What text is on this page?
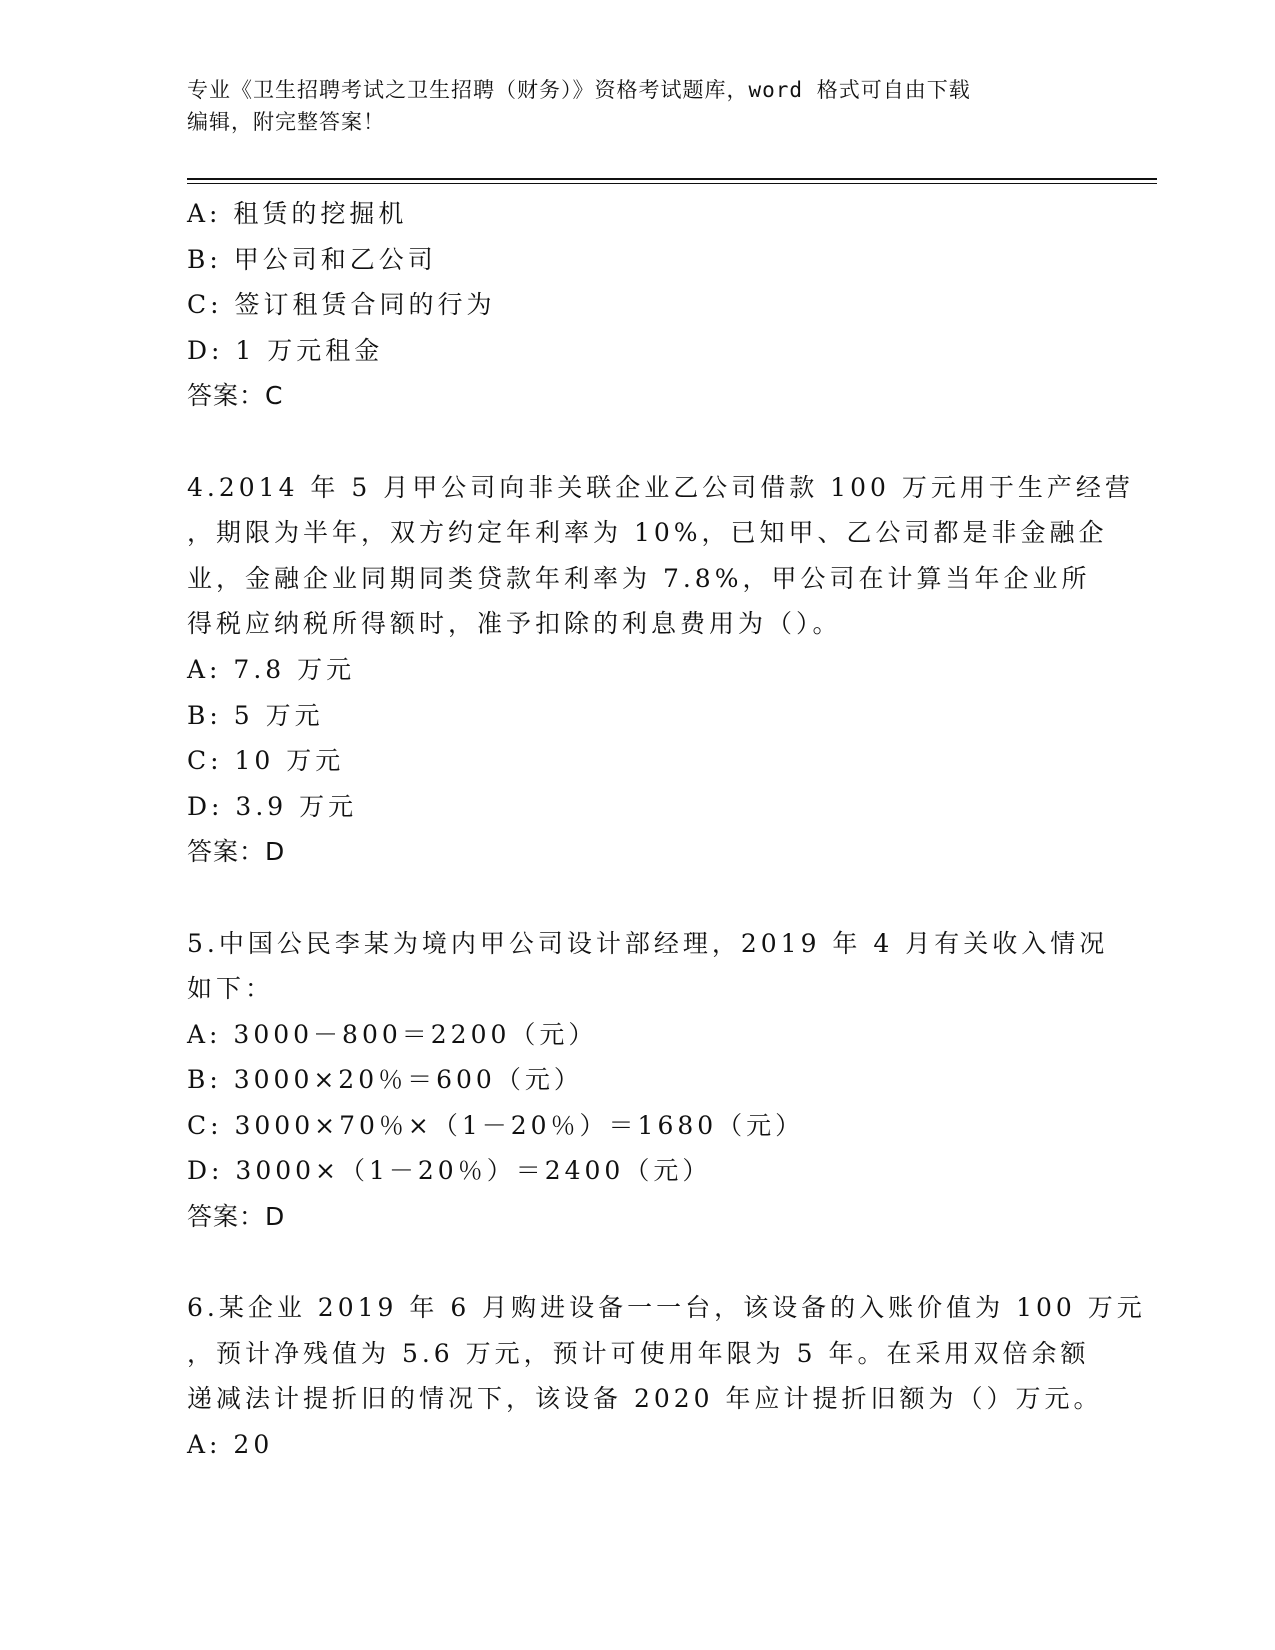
专业《卫生招聘考试之卫生招聘（财务）》资格考试题库，word 格式可自由下载
编辑，附完整答案！
A: 租赁的挖掘机
B: 甲公司和乙公司
C: 签订租赁合同的行为
D: 1 万元租金
答案：C
4.2014 年 5 月甲公司向非关联企业乙公司借款 100 万元用于生产经营
，期限为半年，双方约定年利率为 10%，已知甲、乙公司都是非金融企
业，金融企业同期同类贷款年利率为 7.8%，甲公司在计算当年企业所
得税应纳税所得额时，准予扣除的利息费用为（）。
A: 7.8 万元
B: 5 万元
C: 10 万元
D: 3.9 万元
答案：D
5.中国公民李某为境内甲公司设计部经理，2019 年 4 月有关收入情况
如下：
A: 3000－800＝2200（元）
B: 3000×20％＝600（元）
C: 3000×70％×（1－20％）＝1680（元）
D: 3000×（1－20％）＝2400（元）
答案：D
6.某企业 2019 年 6 月购进设备一一台，该设备的入账价值为 100 万元
，预计净残值为 5.6 万元，预计可使用年限为 5 年。在采用双倍余额
递减法计提折旧的情况下，该设备 2020 年应计提折旧额为（）万元。
A: 20
